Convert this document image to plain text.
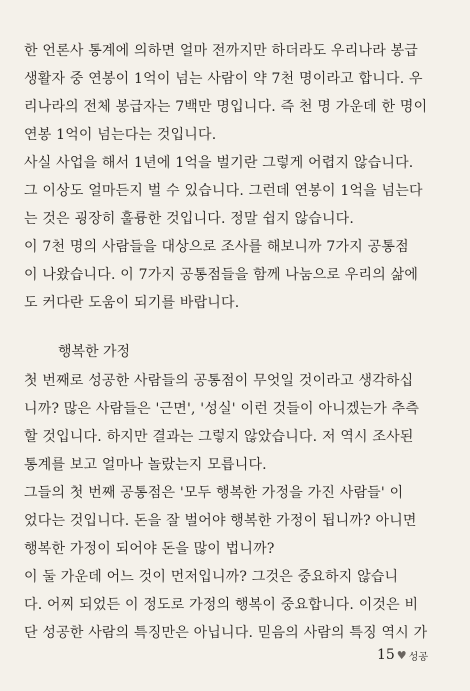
한 언론사 통계에 의하면 얼마 전까지만 하더라도 우리나라 봉급
생활자 중 연봉이 1억이 넘는 사람이 약 7천 명이라고 합니다. 우
리나라의 전체 봉급자는 7백만 명입니다. 즉 천 명 가운데 한 명이
연봉 1억이 넘는다는 것입니다.
사실 사업을 해서 1년에 1억을 벌기란 그렇게 어렵지 않습니다.
그 이상도 얼마든지 벌 수 있습니다. 그런데 연봉이 1억을 넘는다
는 것은 굉장히 훌륭한 것입니다. 정말 쉽지 않습니다.
이 7천 명의 사람들을 대상으로 조사를 해보니까 7가지 공통점
이 나왔습니다. 이 7가지 공통점들을 함께 나눔으로 우리의 삶에
도 커다란 도움이 되기를 바랍니다.
행복한 가정
첫 번째로 성공한 사람들의 공통점이 무엇일 것이라고 생각하십
니까? 많은 사람들은 '근면', '성실' 이런 것들이 아니겠는가 추측
할 것입니다. 하지만 결과는 그렇지 않았습니다. 저 역시 조사된
통계를 보고 얼마나 놀랐는지 모릅니다.
그들의 첫 번째 공통점은 '모두 행복한 가정을 가진 사람들' 이
었다는 것입니다. 돈을 잘 벌어야 행복한 가정이 됩니까? 아니면
행복한 가정이 되어야 돈을 많이 법니까?
이 둘 가운데 어느 것이 먼저입니까? 그것은 중요하지 않습니
다. 어찌 되었든 이 정도로 가정의 행복이 중요합니다. 이것은 비
단 성공한 사람의 특징만은 아닙니다. 믿음의 사람의 특징 역시 가
15 ♥ 성공
